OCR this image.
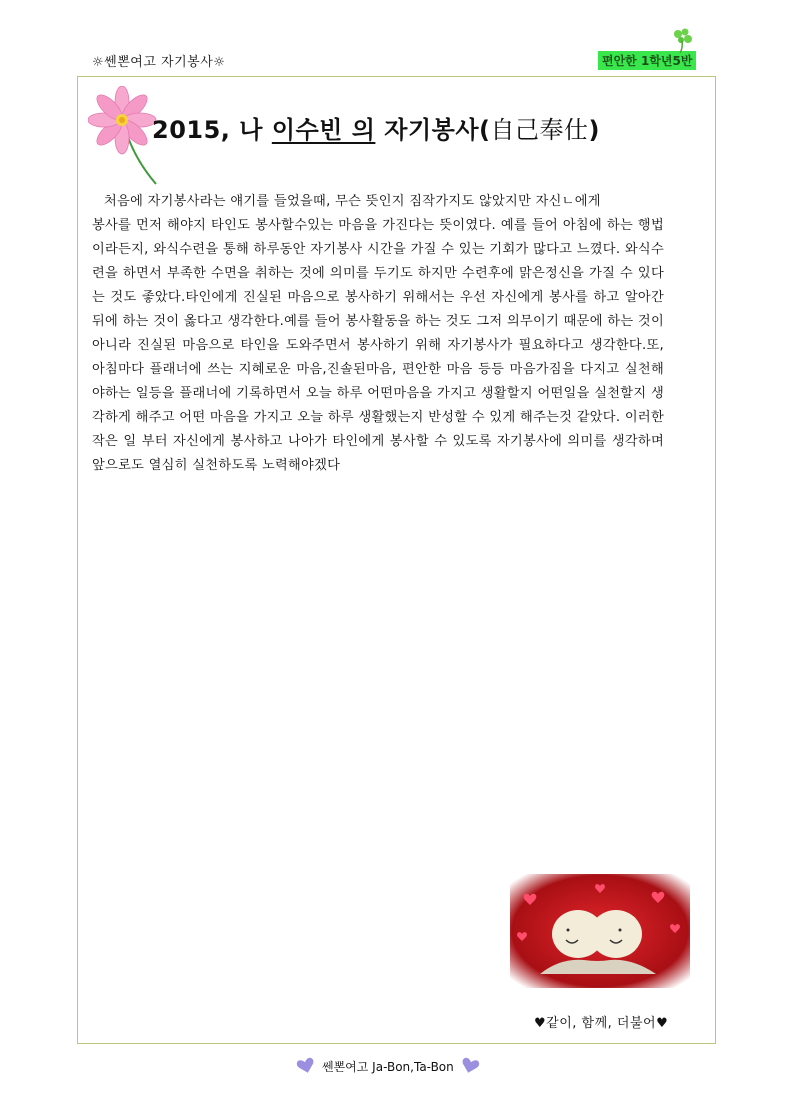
☼쎈뽄여고 자기봉사☼	편안한 1학년5반
2015, 나 이수빈 의 자기봉사(自己奉仕)

처음에 자기봉사라는 얘기를 들었을때, 무슨 뜻인지 짐작가지도 않았지만 자신ㄴ에게

봉사를 먼저 해야지 타인도 봉사할수있는 마음을 가진다는 뜻이였다. 예를 들어 아침에 하는 행법이라든지, 와식수련을 통해 하루동안 자기봉사 시간을 가질 수 있는 기회가 많다고 느꼈다. 와식수련을 하면서 부족한 수면을 취하는 것에 의미를 두기도 하지만 수련후에 맑은정신을 가질 수 있다는 것도 좋았다.타인에게 진실된 마음으로 봉사하기 위해서는 우선 자신에게 봉사를 하고 알아간 뒤에 하는 것이 옳다고 생각한다.예를 들어 봉사활동을 하는 것도 그저 의무이기 때문에 하는 것이 아니라 진실된 마음으로 타인을 도와주면서 봉사하기 위해 자기봉사가 필요하다고 생각한다.또, 아침마다 플래너에 쓰는 지혜로운 마음,진솔된마음, 편안한 마음 등등 마음가짐을 다지고 실천해야하는 일등을 플래너에 기록하면서 오늘 하루 어떤마음을 가지고 생활할지 어떤일을 실천할지 생각하게 해주고 어떤 마음을 가지고 오늘 하루 생활했는지 반성할 수 있게 해주는것 같았다. 이러한 작은 일 부터 자신에게 봉사하고 나아가 타인에게 봉사할 수 있도록 자기봉사에 의미를 생각하며 앞으로도 열심히 실천하도록 노력해야겠다

♥같이, 함께, 더불어♥
쎈뽄여고 Ja-Bon,Ta-Bon
